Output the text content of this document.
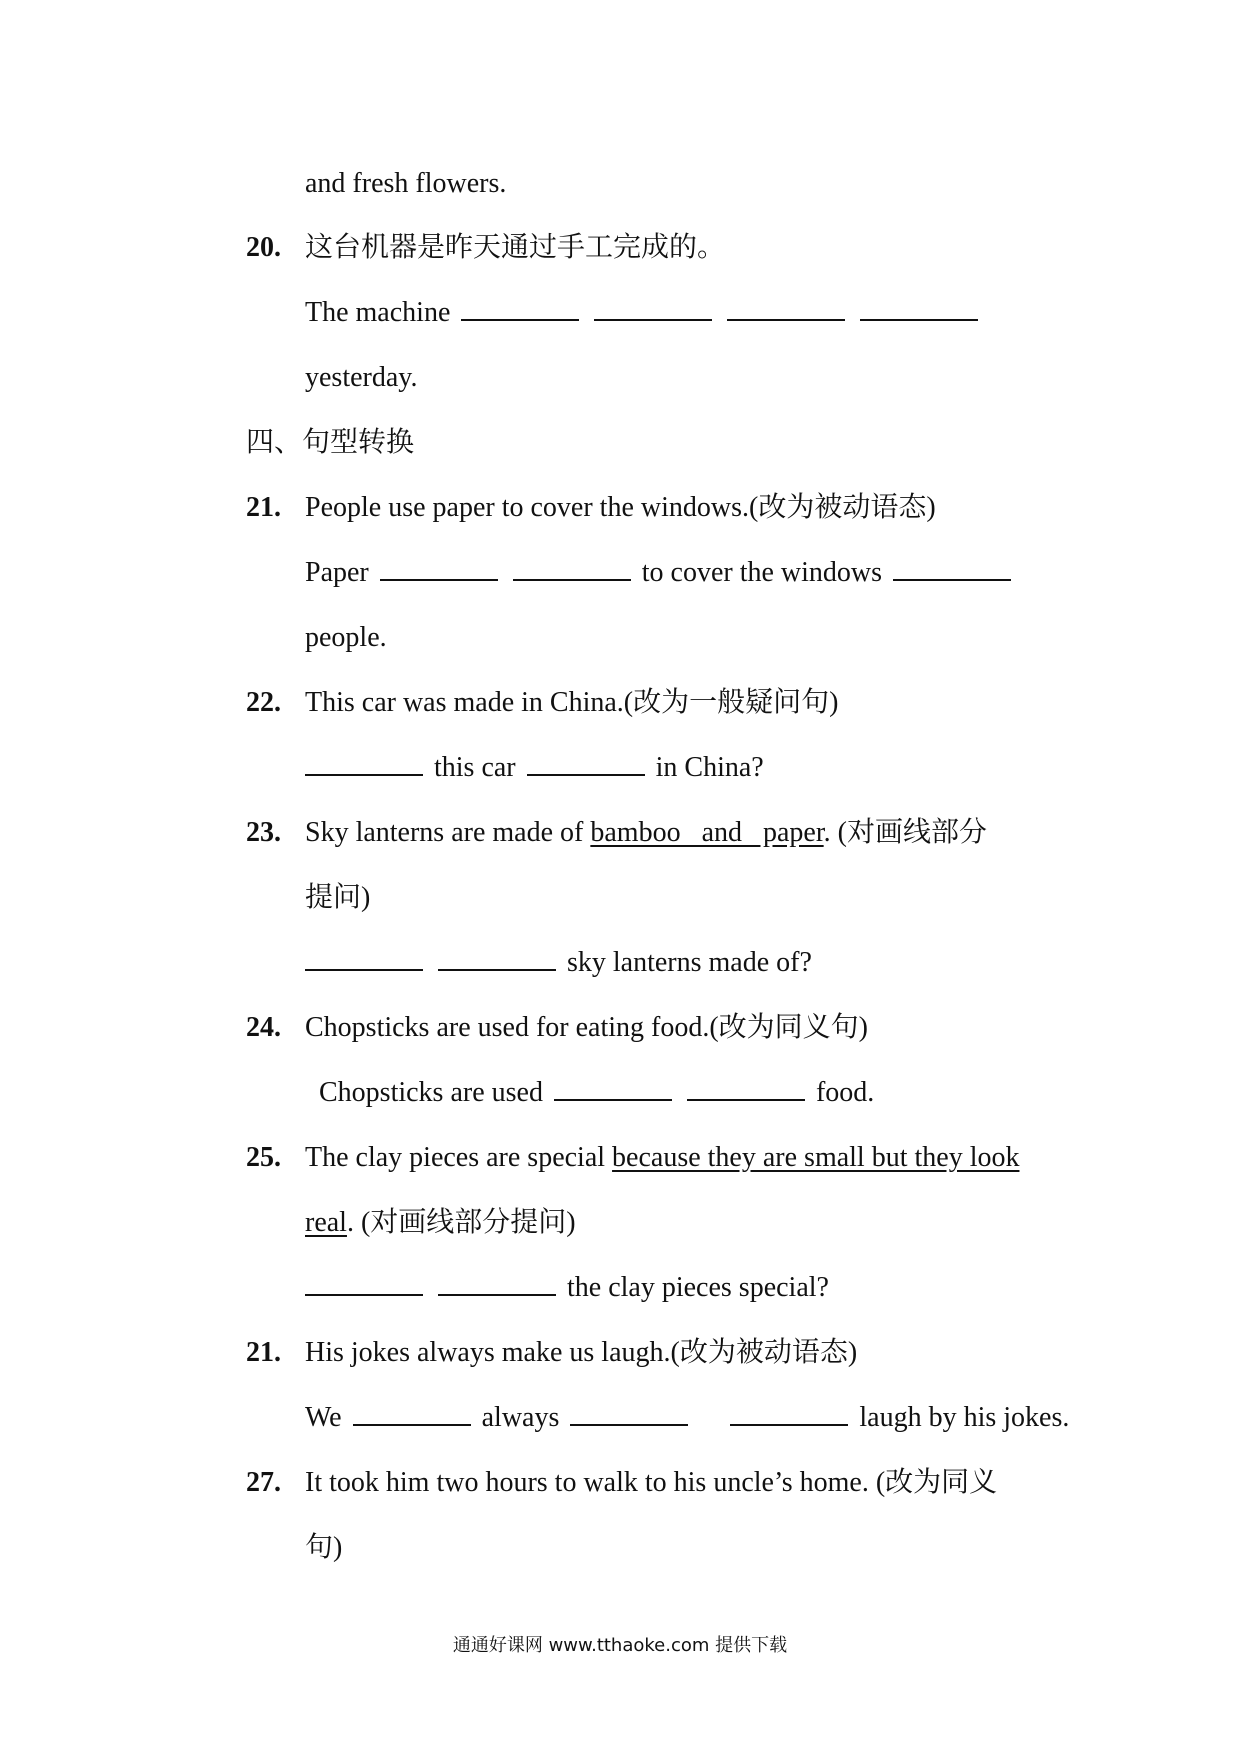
and fresh flowers.
20. 这台机器是昨天通过手工完成的。
The machine
yesterday.
四、句型转换
21. People use paper to cover the windows.(改为被动语态)
Paper	to cover the windows
people.
22. This car was made in China.(改为一般疑问句)
this car	in China?
23. Sky lanterns are made of bamboo   and   paper. (对画线部分
提问)
sky lanterns made of?
24. Chopsticks are used for eating food.(改为同义句)
Chopsticks are used	food.
25. The clay pieces are special because they are small but they look
real. (对画线部分提问)
the clay pieces special?
21. His jokes always make us laugh.(改为被动语态)
We	always	laugh by his jokes.
27. It took him two hours to walk to his uncle’s home. (改为同义
句)
通通好课网 www.tthaoke.com 提供下载
